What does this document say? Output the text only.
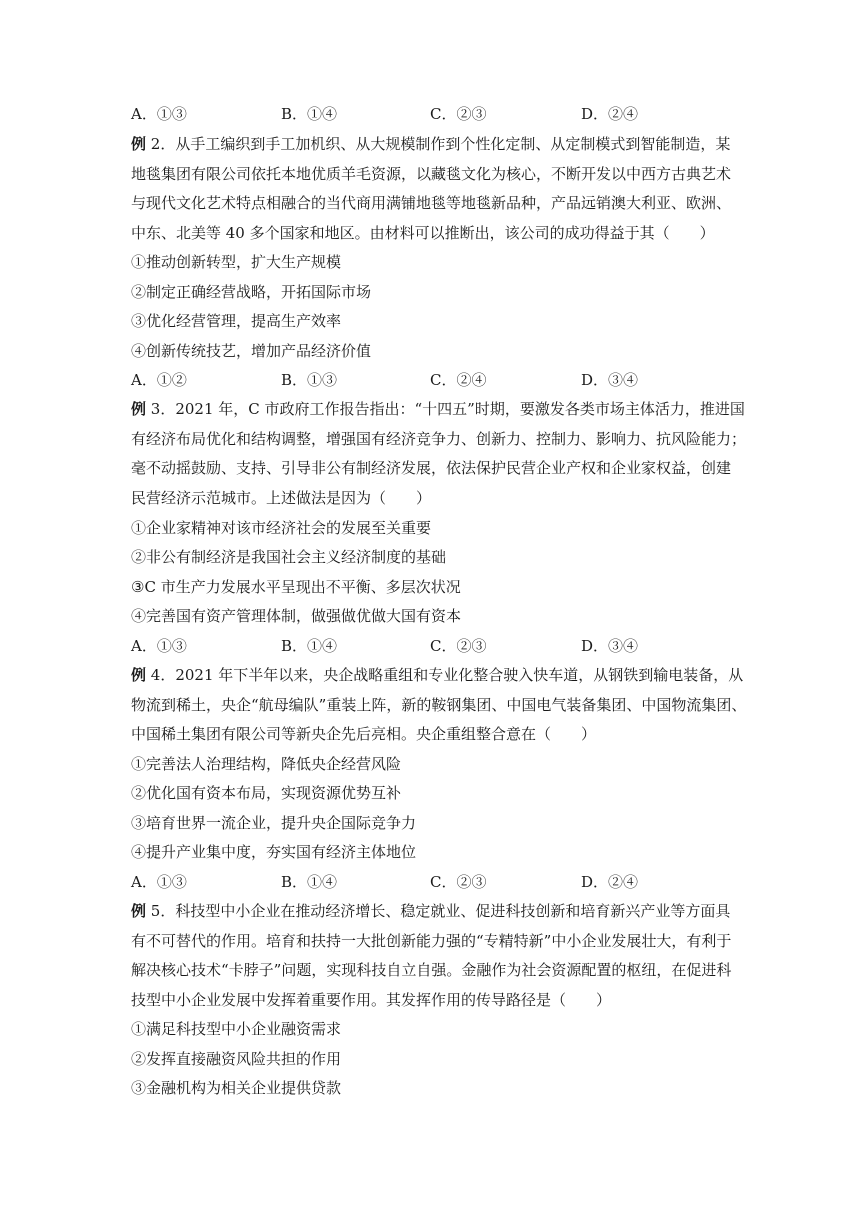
A．①③	B．①④	C．②③	D．②④
例 2．从手工编织到手工加机织、从大规模制作到个性化定制、从定制模式到智能制造，某
地毯集团有限公司依托本地优质羊毛资源，以藏毯文化为核心，不断开发以中西方古典艺术
与现代文化艺术特点相融合的当代商用满铺地毯等地毯新品种，产品远销澳大利亚、欧洲、
中东、北美等 40 多个国家和地区。由材料可以推断出，该公司的成功得益于其（　　）
①推动创新转型，扩大生产规模
②制定正确经营战略，开拓国际市场
③优化经营管理，提高生产效率
④创新传统技艺，增加产品经济价值
A．①②	B．①③	C．②④	D．③④
例 3．2021 年，C 市政府工作报告指出：“十四五”时期，要激发各类市场主体活力，推进国
有经济布局优化和结构调整，增强国有经济竞争力、创新力、控制力、影响力、抗风险能力；
毫不动摇鼓励、支持、引导非公有制经济发展，依法保护民营企业产权和企业家权益，创建
民营经济示范城市。上述做法是因为（　　）
①企业家精神对该市经济社会的发展至关重要
②非公有制经济是我国社会主义经济制度的基础
③C 市生产力发展水平呈现出不平衡、多层次状况
④完善国有资产管理体制，做强做优做大国有资本
A．①③	B．①④	C．②③	D．③④
例 4．2021 年下半年以来，央企战略重组和专业化整合驶入快车道，从钢铁到输电装备，从
物流到稀土，央企“航母编队”重装上阵，新的鞍钢集团、中国电气装备集团、中国物流集团、
中国稀土集团有限公司等新央企先后亮相。央企重组整合意在（　　）
①完善法人治理结构，降低央企经营风险
②优化国有资本布局，实现资源优势互补
③培育世界一流企业，提升央企国际竞争力
④提升产业集中度，夯实国有经济主体地位
A．①③	B．①④	C．②③	D．②④
例 5．科技型中小企业在推动经济增长、稳定就业、促进科技创新和培育新兴产业等方面具
有不可替代的作用。培育和扶持一大批创新能力强的“专精特新”中小企业发展壮大，有利于
解决核心技术“卡脖子”问题，实现科技自立自强。金融作为社会资源配置的枢纽，在促进科
技型中小企业发展中发挥着重要作用。其发挥作用的传导路径是（　　）
①满足科技型中小企业融资需求
②发挥直接融资风险共担的作用
③金融机构为相关企业提供贷款
